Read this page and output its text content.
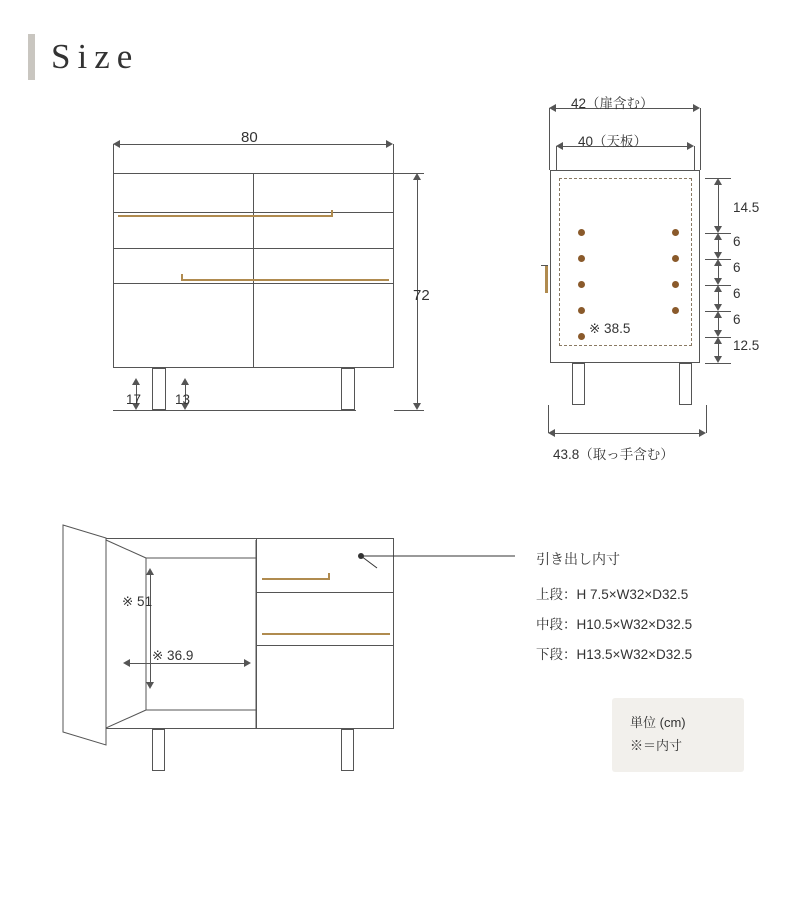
Size
80
72
17	13
42（扉含む）
40（天板）
※ 38.5
14.5
6
6
6
6
12.5
43.8（取っ手含む）
※ 51
※ 36.9
引き出し内寸
上段：H 7.5×W32×D32.5
中段：H10.5×W32×D32.5
下段：H13.5×W32×D32.5
単位 (cm)
※＝内寸
